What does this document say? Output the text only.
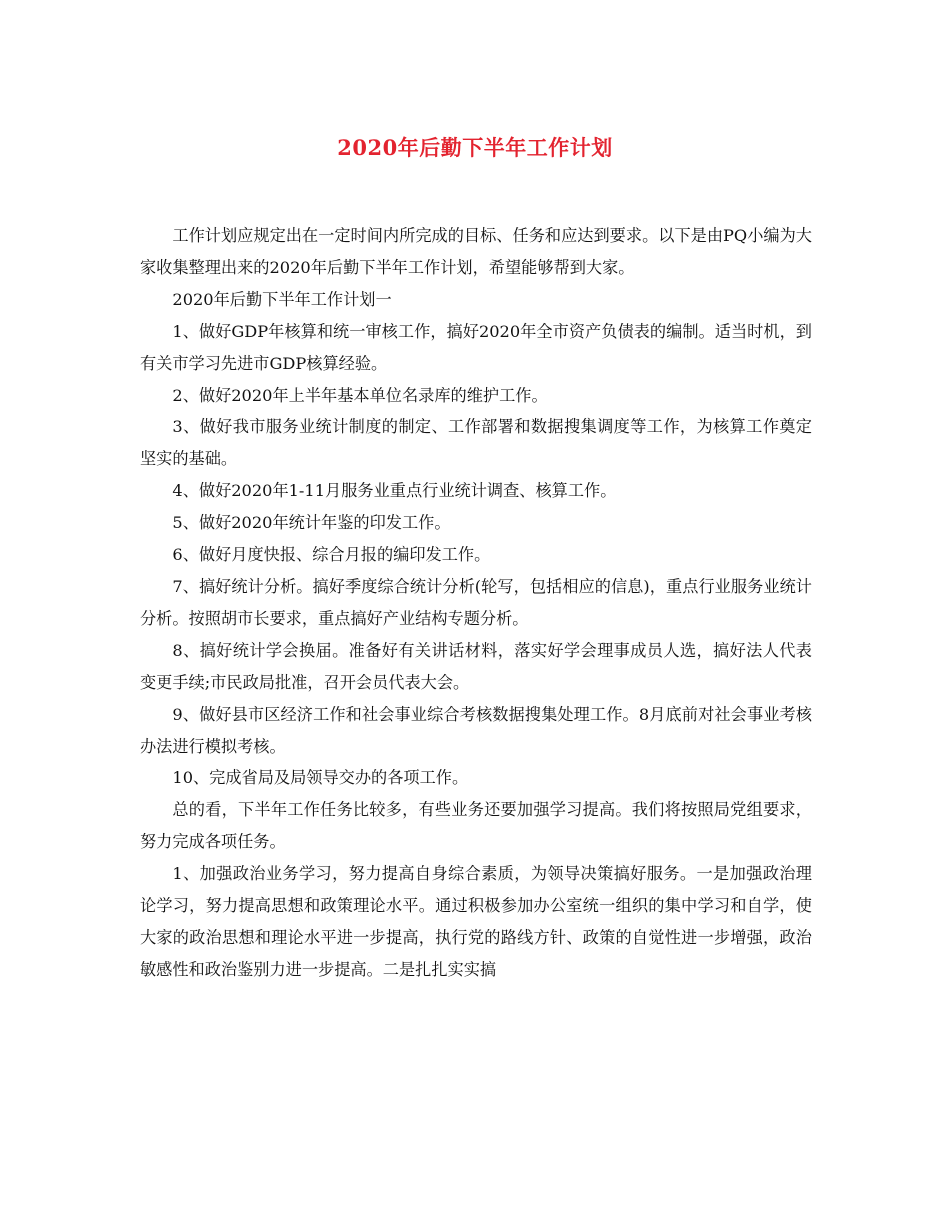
2020年后勤下半年工作计划

工作计划应规定出在一定时间内所完成的目标、任务和应达到要求。以下是由PQ小编为大家收集整理出来的2020年后勤下半年工作计划，希望能够帮到大家。

2020年后勤下半年工作计划一

1、做好GDP年核算和统一审核工作，搞好2020年全市资产负债表的编制。适当时机，到有关市学习先进市GDP核算经验。

2、做好2020年上半年基本单位名录库的维护工作。

3、做好我市服务业统计制度的制定、工作部署和数据搜集调度等工作，为核算工作奠定坚实的基础。

4、做好2020年1-11月服务业重点行业统计调查、核算工作。

5、做好2020年统计年鉴的印发工作。

6、做好月度快报、综合月报的编印发工作。

7、搞好统计分析。搞好季度综合统计分析(轮写，包括相应的信息)，重点行业服务业统计分析。按照胡市长要求，重点搞好产业结构专题分析。

8、搞好统计学会换届。准备好有关讲话材料，落实好学会理事成员人选，搞好法人代表变更手续;市民政局批准，召开会员代表大会。

9、做好县市区经济工作和社会事业综合考核数据搜集处理工作。8月底前对社会事业考核办法进行模拟考核。

10、完成省局及局领导交办的各项工作。

总的看，下半年工作任务比较多，有些业务还要加强学习提高。我们将按照局党组要求，努力完成各项任务。

1、加强政治业务学习，努力提高自身综合素质，为领导决策搞好服务。一是加强政治理论学习，努力提高思想和政策理论水平。通过积极参加办公室统一组织的集中学习和自学，使大家的政治思想和理论水平进一步提高，执行党的路线方针、政策的自觉性进一步增强，政治敏感性和政治鉴别力进一步提高。二是扎扎实实搞
